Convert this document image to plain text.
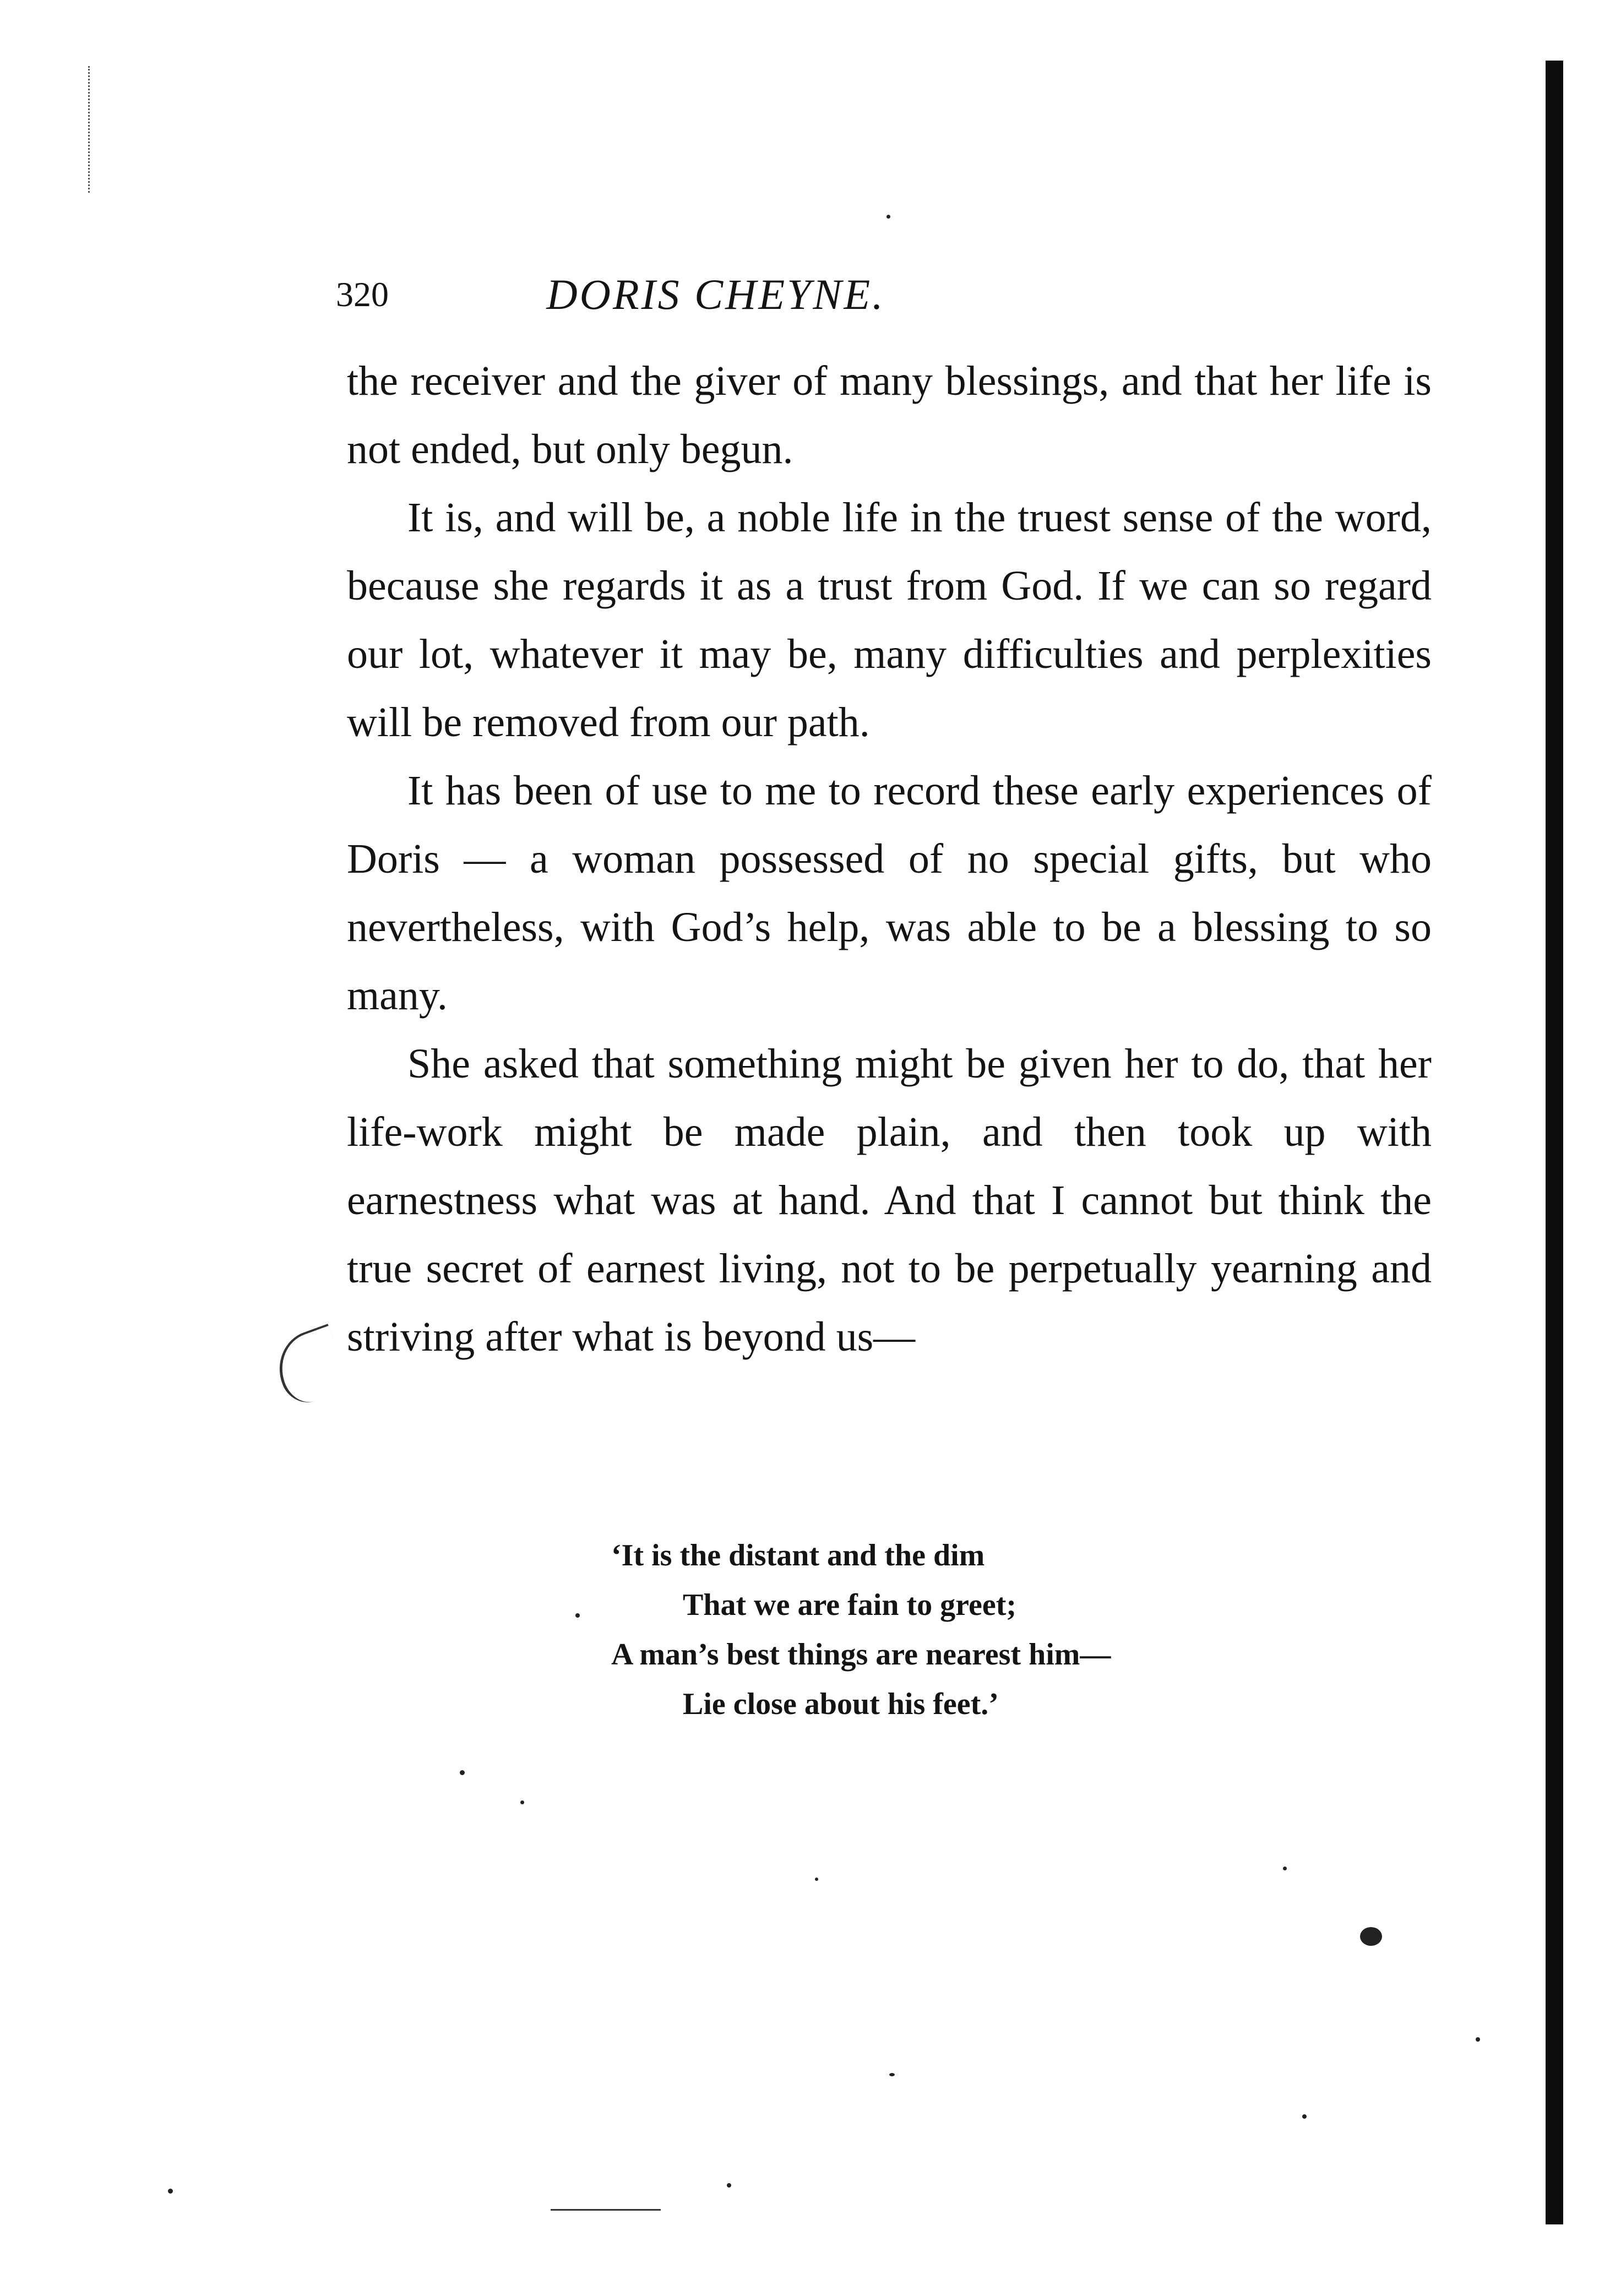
320	DORIS CHEYNE.

the receiver and the giver of many blessings, and that her life is not ended, but only begun.

It is, and will be, a noble life in the truest sense of the word, because she regards it as a trust from God. If we can so regard our lot, whatever it may be, many difficulties and perplexities will be removed from our path.

It has been of use to me to record these early experiences of Doris — a woman possessed of no special gifts, but who nevertheless, with God’s help, was able to be a blessing to so many.

She asked that something might be given her to do, that her life-work might be made plain, and then took up with earnestness what was at hand. And that I cannot but think the true secret of earnest living, not to be perpetually yearning and striving after what is beyond us—

‘It is the distant and the dim
That we are fain to greet;
A man’s best things are nearest him—
Lie close about his feet.’
